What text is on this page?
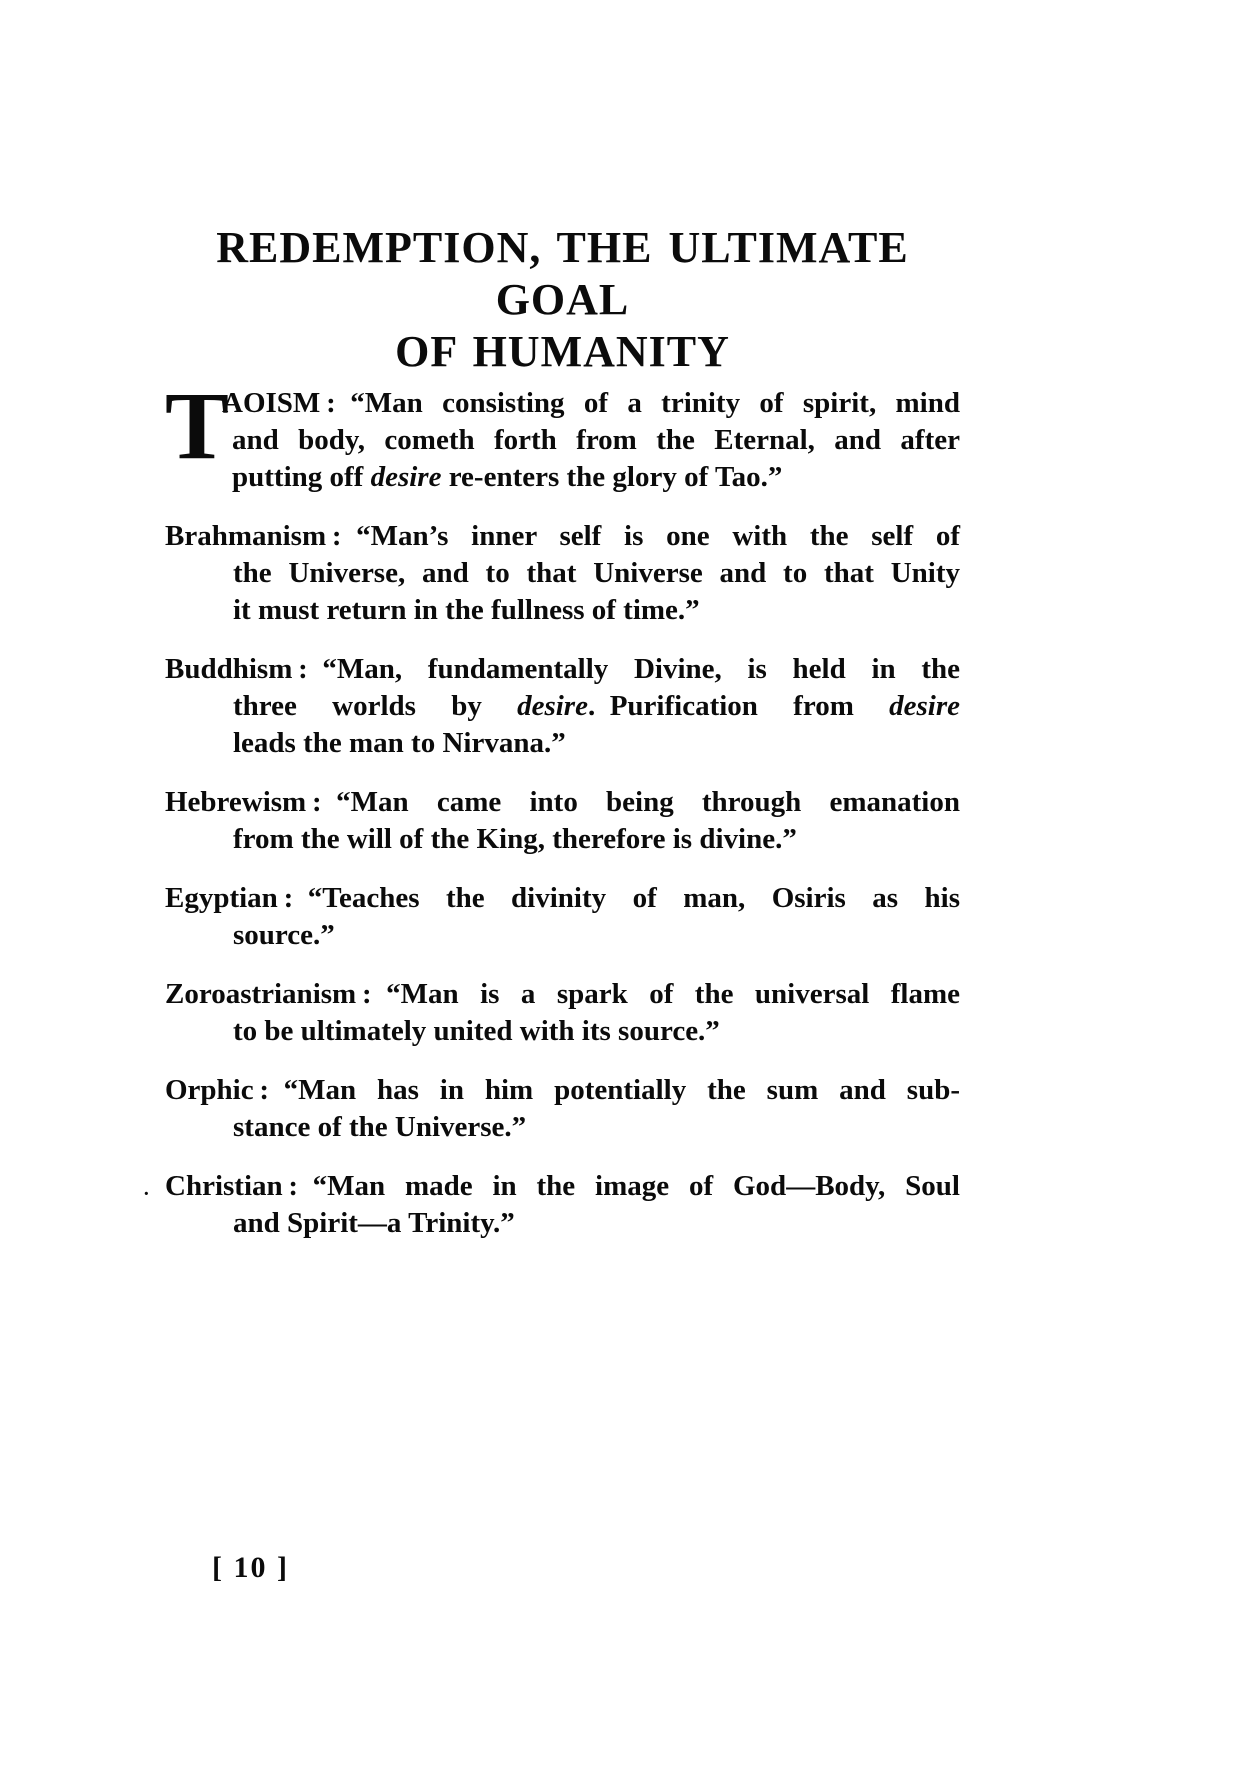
REDEMPTION, THE ULTIMATE GOAL
OF HUMANITY
T
AOISM : “Man consisting of a trinity of spirit, mind
and body, cometh forth from the Eternal, and after
putting off desire re-enters the glory of Tao.”
Brahmanism : “Man’s inner self is one with the self of
the Universe, and to that Universe and to that Unity
it must return in the fullness of time.”
Buddhism : “Man, fundamentally Divine, is held in the
three worlds by desire. Purification from desire
leads the man to Nirvana.”
Hebrewism : “Man came into being through emanation
from the will of the King, therefore is divine.”
Egyptian : “Teaches the divinity of man, Osiris as his
source.”
Zoroastrianism : “Man is a spark of the universal flame
to be ultimately united with its source.”
Orphic : “Man has in him potentially the sum and sub-
stance of the Universe.”
· Christian : “Man made in the image of God—Body, Soul
and Spirit—a Trinity.”
[ 10 ]
